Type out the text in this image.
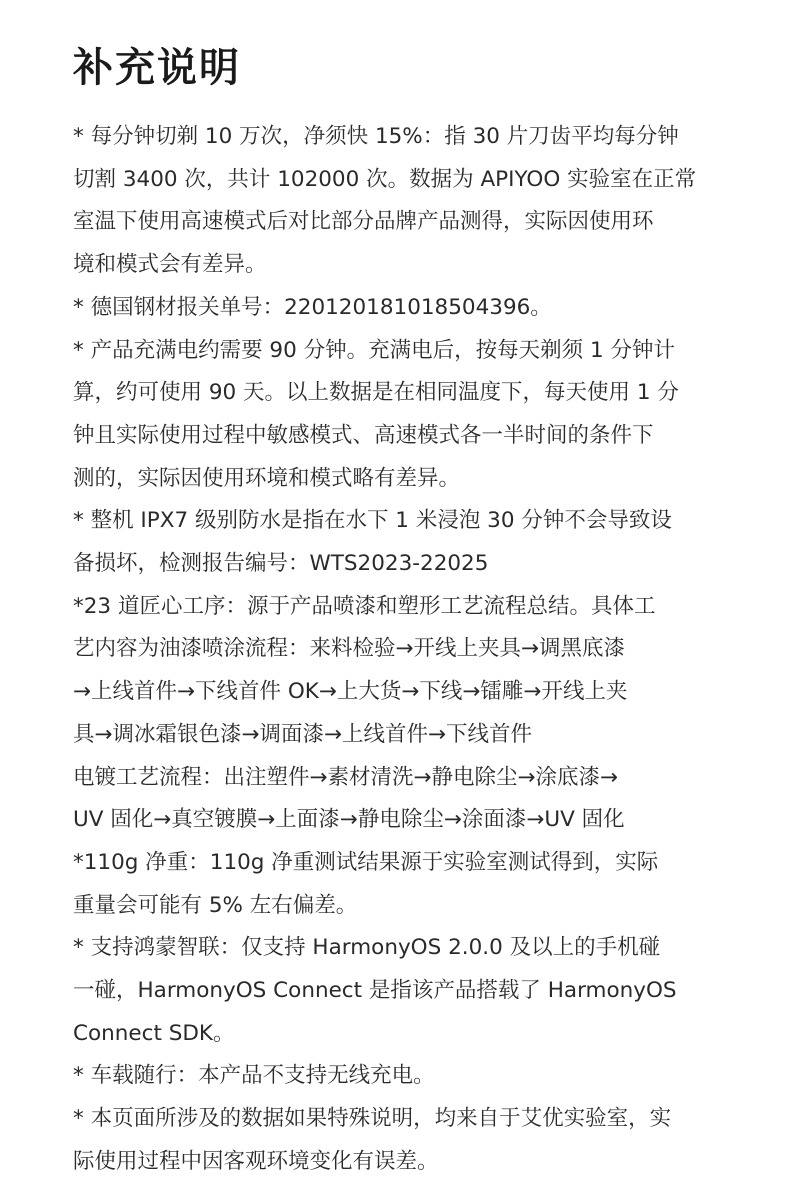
补充说明
* 每分钟切剃 10 万次，净须快 15%：指 30 片刀齿平均每分钟
切割 3400 次，共计 102000 次。数据为 APIYOO 实验室在正常
室温下使用高速模式后对比部分品牌产品测得，实际因使用环
境和模式会有差异。
* 德国钢材报关单号：220120181018504396。
* 产品充满电约需要 90 分钟。充满电后，按每天剃须 1 分钟计
算，约可使用 90 天。以上数据是在相同温度下，每天使用 1 分
钟且实际使用过程中敏感模式、高速模式各一半时间的条件下
测的，实际因使用环境和模式略有差异。
* 整机 IPX7 级别防水是指在水下 1 米浸泡 30 分钟不会导致设
备损坏，检测报告编号：WTS2023-22025
*23 道匠心工序：源于产品喷漆和塑形工艺流程总结。具体工
艺内容为油漆喷涂流程：来料检验→开线上夹具→调黑底漆
→上线首件→下线首件 OK→上大货→下线→镭雕→开线上夹
具→调冰霜银色漆→调面漆→上线首件→下线首件
电镀工艺流程：出注塑件→素材清洗→静电除尘→涂底漆→
UV 固化→真空镀膜→上面漆→静电除尘→涂面漆→UV 固化
*110g 净重：110g 净重测试结果源于实验室测试得到，实际
重量会可能有 5% 左右偏差。
* 支持鸿蒙智联：仅支持 HarmonyOS 2.0.0 及以上的手机碰
一碰，HarmonyOS Connect 是指该产品搭载了 HarmonyOS
Connect SDK。
* 车载随行：本产品不支持无线充电。
* 本页面所涉及的数据如果特殊说明，均来自于艾优实验室，实
际使用过程中因客观环境变化有误差。
